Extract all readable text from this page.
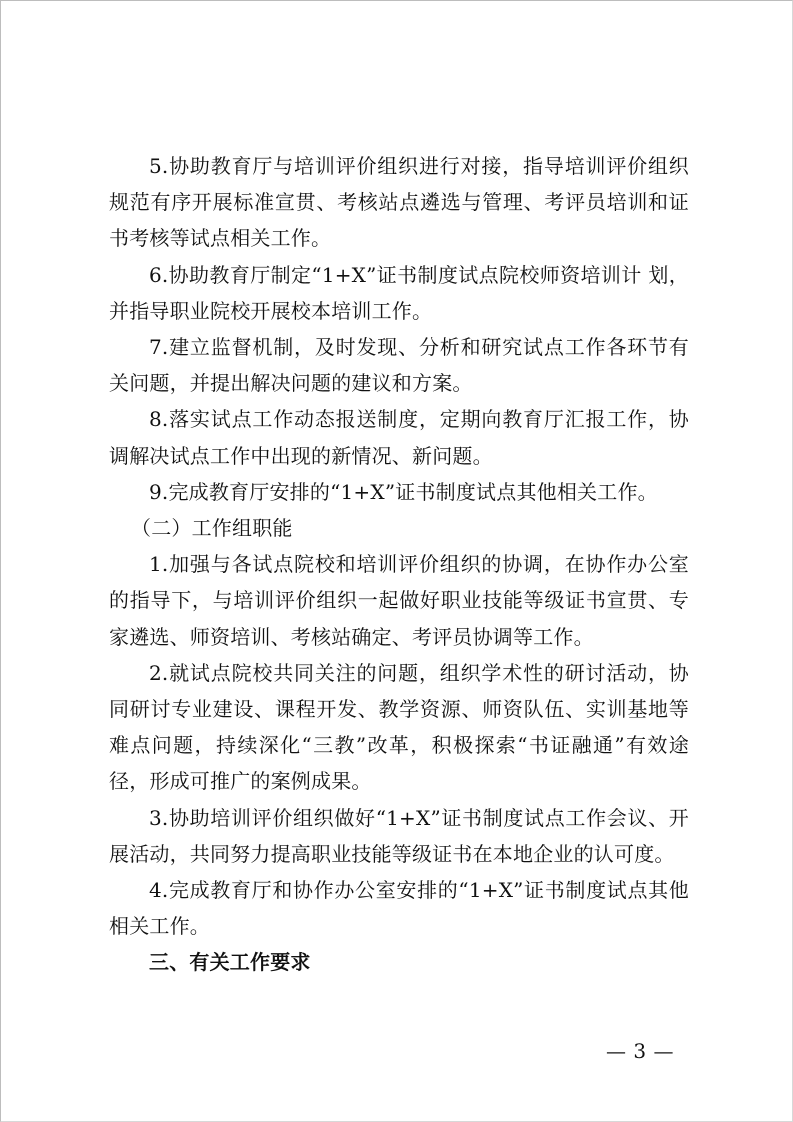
5.协助教育厅与培训评价组织进行对接，指导培训评价组织规范有序开展标准宣贯、考核站点遴选与管理、考评员培训和证书考核等试点相关工作。

6.协助教育厅制定“1+X”证书制度试点院校师资培训计 划，并指导职业院校开展校本培训工作。

7.建立监督机制，及时发现、分析和研究试点工作各环节有关问题，并提出解决问题的建议和方案。

8.落实试点工作动态报送制度，定期向教育厅汇报工作，协调解决试点工作中出现的新情况、新问题。

9.完成教育厅安排的“1+X”证书制度试点其他相关工作。

（二）工作组职能

1.加强与各试点院校和培训评价组织的协调，在协作办公室的指导下，与培训评价组织一起做好职业技能等级证书宣贯、专家遴选、师资培训、考核站确定、考评员协调等工作。

2.就试点院校共同关注的问题，组织学术性的研讨活动，协同研讨专业建设、课程开发、教学资源、师资队伍、实训基地等难点问题，持续深化“三教”改革，积极探索“书证融通”有效途径，形成可推广的案例成果。

3.协助培训评价组织做好“1+X”证书制度试点工作会议、开展活动，共同努力提高职业技能等级证书在本地企业的认可度。

4.完成教育厅和协作办公室安排的“1+X”证书制度试点其他相关工作。

三、有关工作要求

— 3 —
